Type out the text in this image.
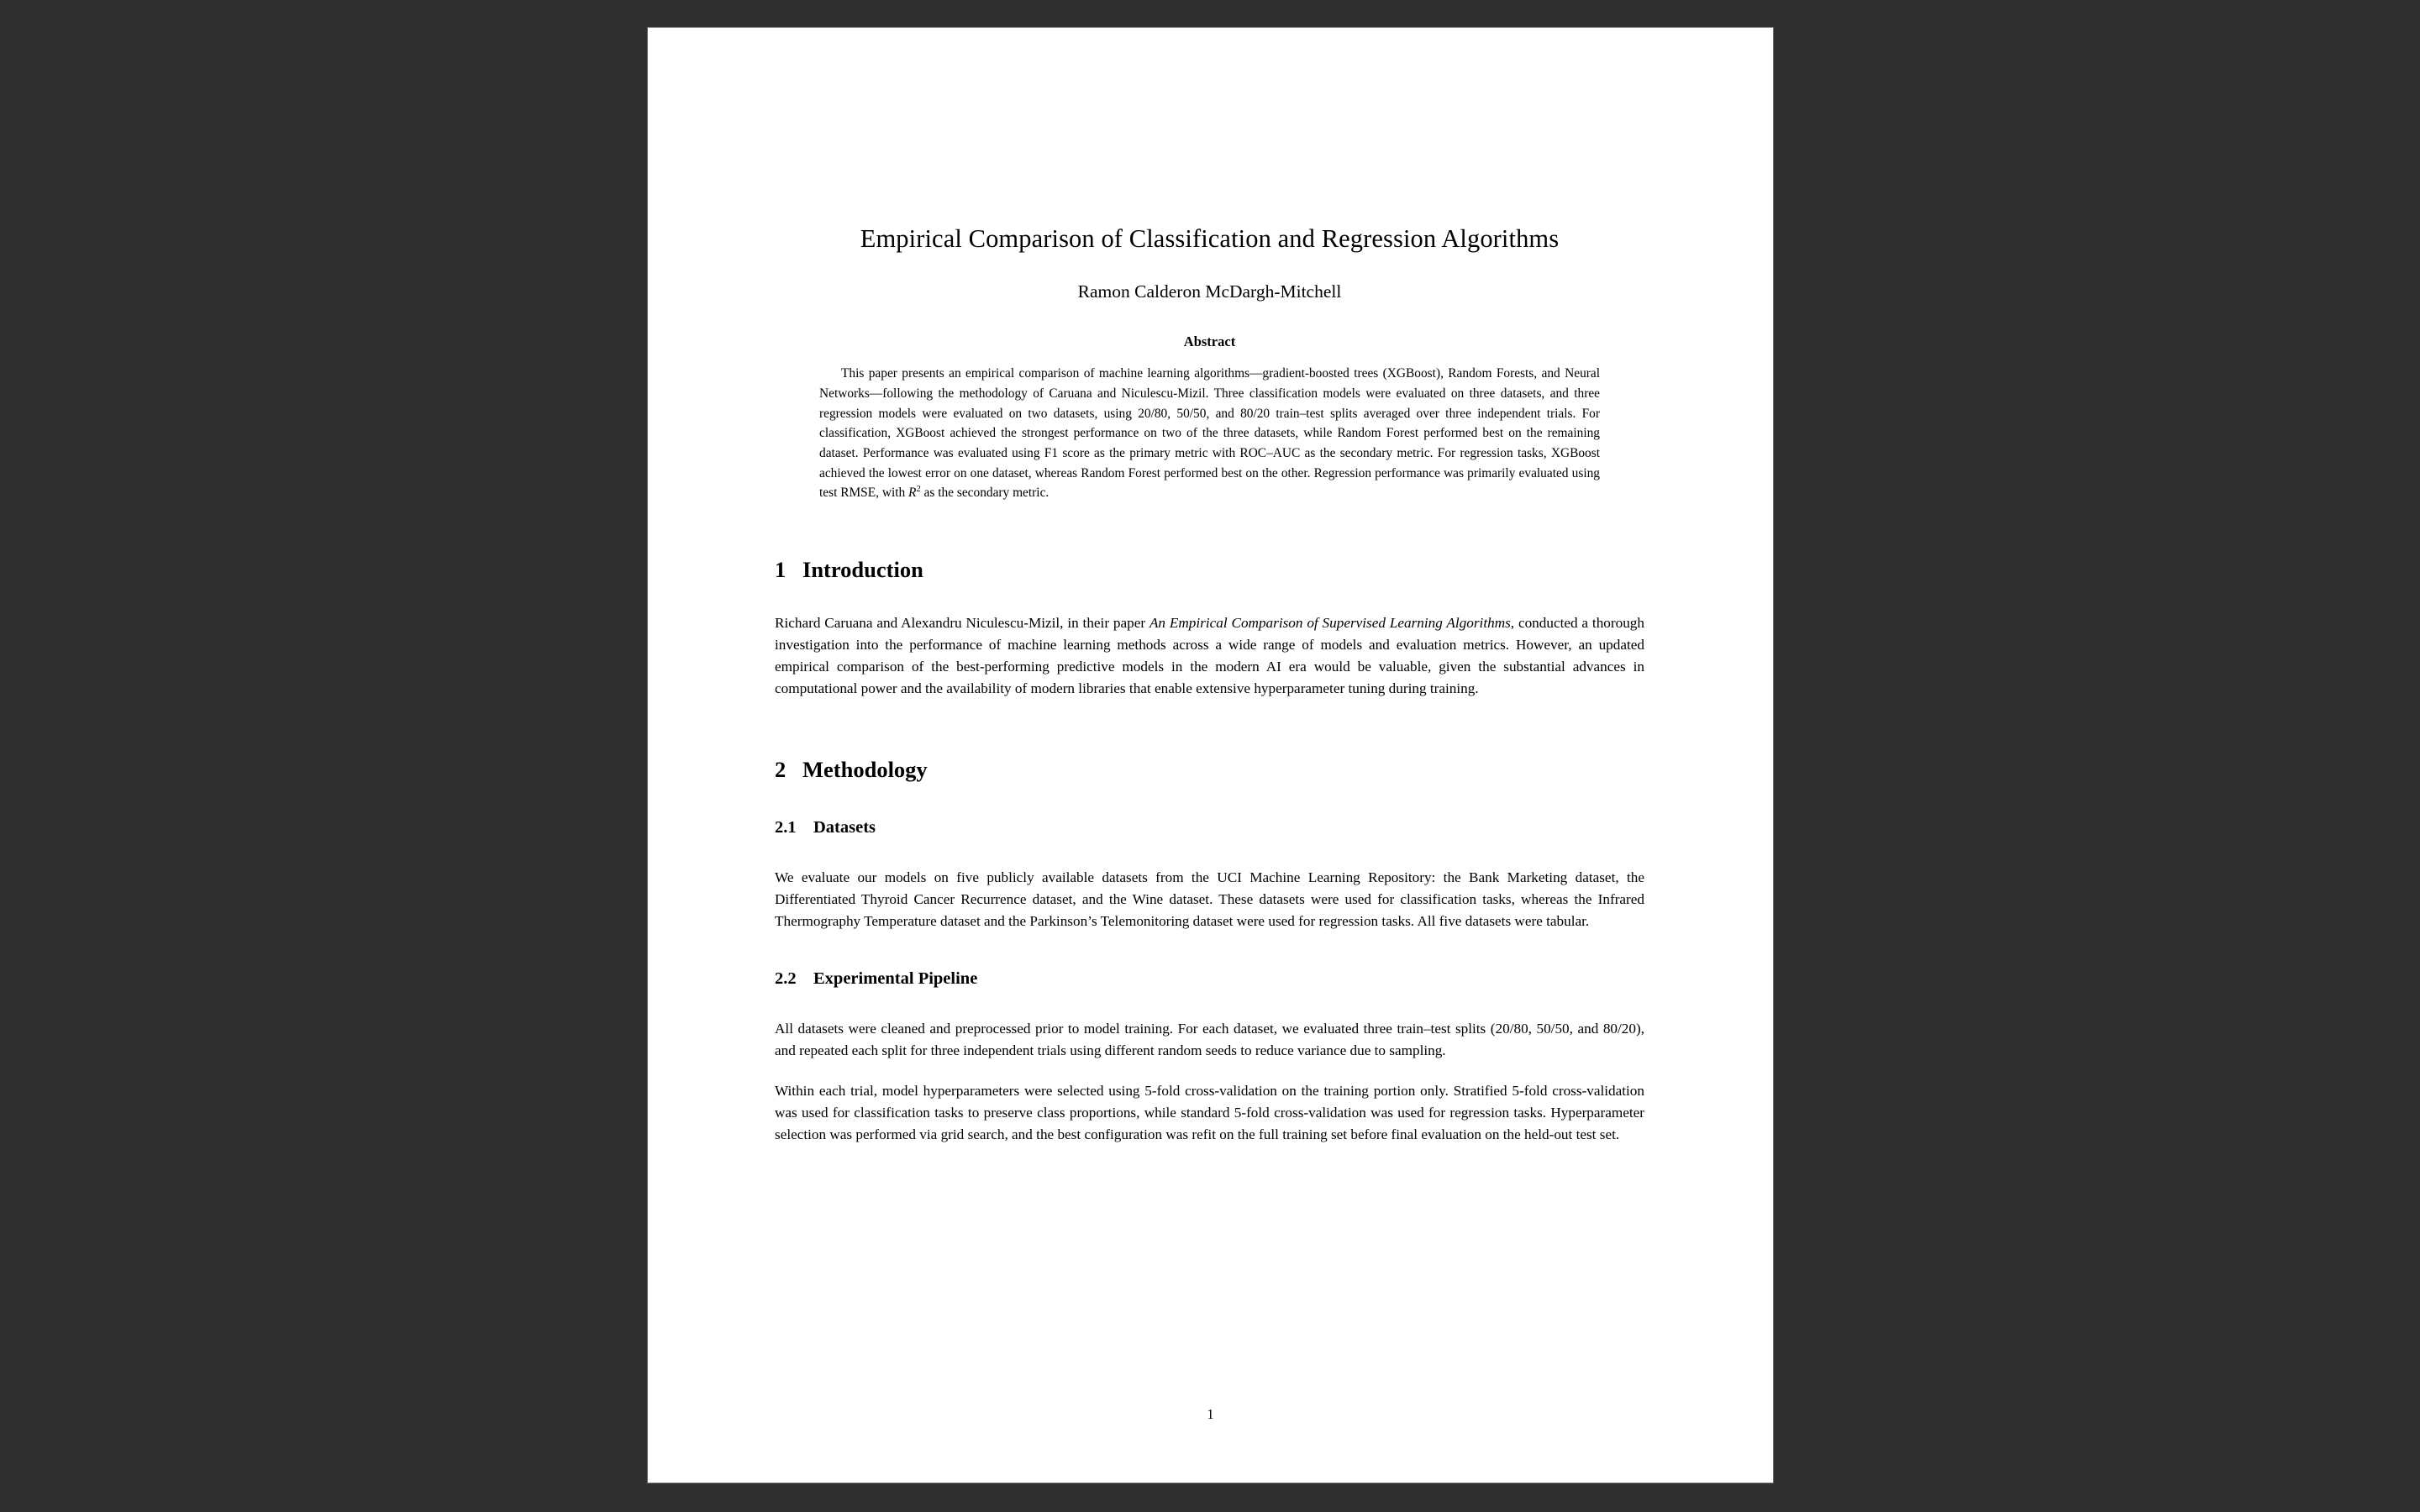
Empirical Comparison of Classification and Regression Algorithms
Ramon Calderon McDargh-Mitchell
Abstract
This paper presents an empirical comparison of machine learning algorithms—gradient-boosted trees (XGBoost), Random Forests, and Neural Networks—following the methodology of Caruana and Niculescu-Mizil. Three classification models were evaluated on three datasets, and three regression models were evaluated on two datasets, using 20/80, 50/50, and 80/20 train–test splits averaged over three independent trials. For classification, XGBoost achieved the strongest performance on two of the three datasets, while Random Forest performed best on the remaining dataset. Performance was evaluated using F1 score as the primary metric with ROC–AUC as the secondary metric. For regression tasks, XGBoost achieved the lowest error on one dataset, whereas Random Forest performed best on the other. Regression performance was primarily evaluated using test RMSE, with $R^2$ as the secondary metric.
1 Introduction

Richard Caruana and Alexandru Niculescu-Mizil, in their paper An Empirical Comparison of Supervised Learning Algorithms, conducted a thorough investigation into the performance of machine learning methods across a wide range of models and evaluation metrics. However, an updated empirical comparison of the best-performing predictive models in the modern AI era would be valuable, given the substantial advances in computational power and the availability of modern libraries that enable extensive hyperparameter tuning during training.

2 Methodology
2.1 Datasets

We evaluate our models on five publicly available datasets from the UCI Machine Learning Repository: the Bank Marketing dataset, the Differentiated Thyroid Cancer Recurrence dataset, and the Wine dataset. These datasets were used for classification tasks, whereas the Infrared Thermography Temperature dataset and the Parkinson’s Telemonitoring dataset were used for regression tasks. All five datasets were tabular.

2.2 Experimental Pipeline

All datasets were cleaned and preprocessed prior to model training. For each dataset, we evaluated three train–test splits (20/80, 50/50, and 80/20), and repeated each split for three independent trials using different random seeds to reduce variance due to sampling.

Within each trial, model hyperparameters were selected using 5-fold cross-validation on the training portion only. Stratified 5-fold cross-validation was used for classification tasks to preserve class proportions, while standard 5-fold cross-validation was used for regression tasks. Hyperparameter selection was performed via grid search, and the best configuration was refit on the full training set before final evaluation on the held-out test set.

1
